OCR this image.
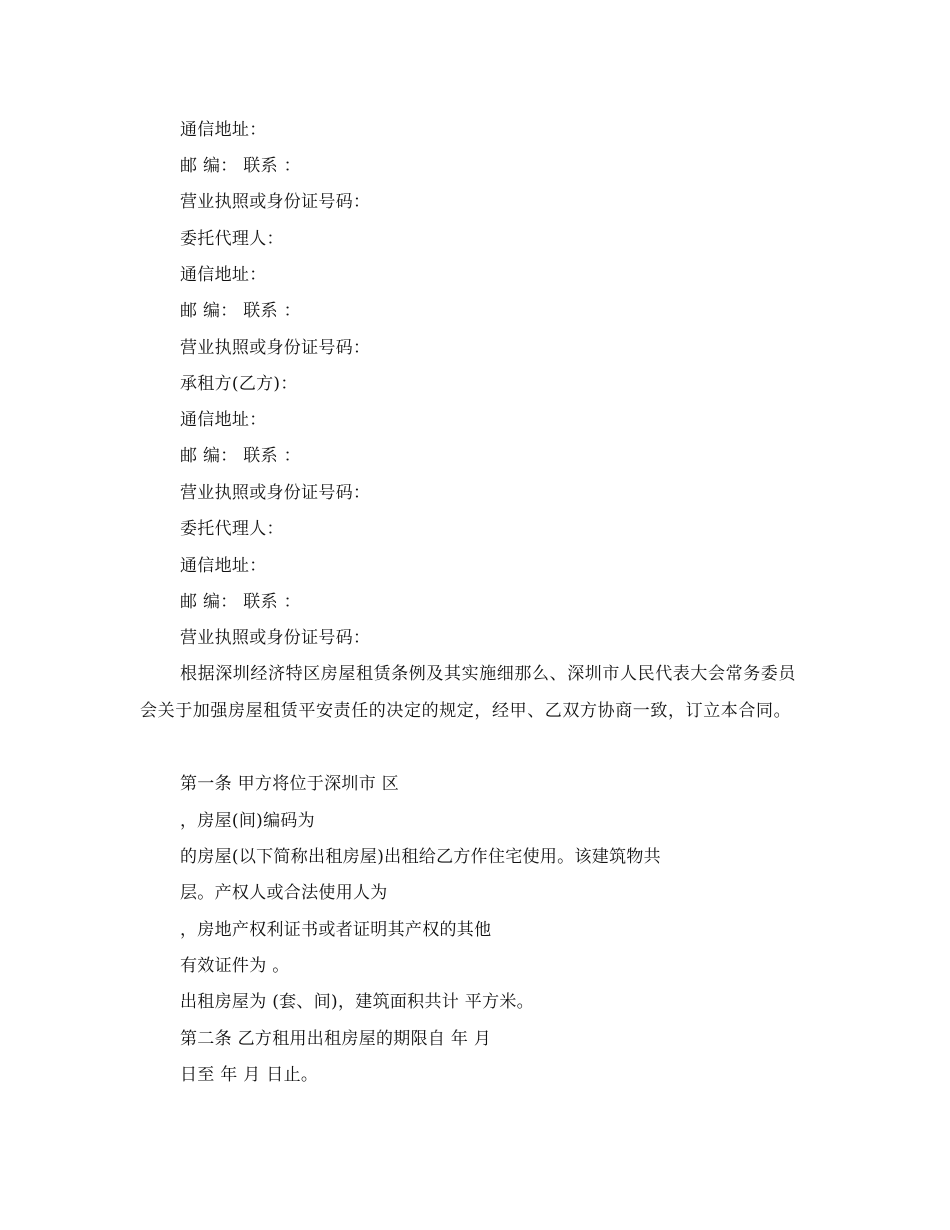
通信地址：
邮 编： 联系 ：
营业执照或身份证号码：
委托代理人：
通信地址：
邮 编： 联系 ：
营业执照或身份证号码：
承租方(乙方)：
通信地址：
邮 编： 联系 ：
营业执照或身份证号码：
委托代理人：
通信地址：
邮 编： 联系 ：
营业执照或身份证号码：
根据深圳经济特区房屋租赁条例及其实施细那么、深圳市人民代表大会常务委员会关于加强房屋租赁平安责任的决定的规定，经甲、乙双方协商一致，订立本合同。
第一条 甲方将位于深圳市 区
，房屋(间)编码为
的房屋(以下简称出租房屋)出租给乙方作住宅使用。该建筑物共
层。产权人或合法使用人为
，房地产权利证书或者证明其产权的其他
有效证件为 。
出租房屋为 (套、间)，建筑面积共计 平方米。
第二条 乙方租用出租房屋的期限自 年 月
日至 年 月 日止。
